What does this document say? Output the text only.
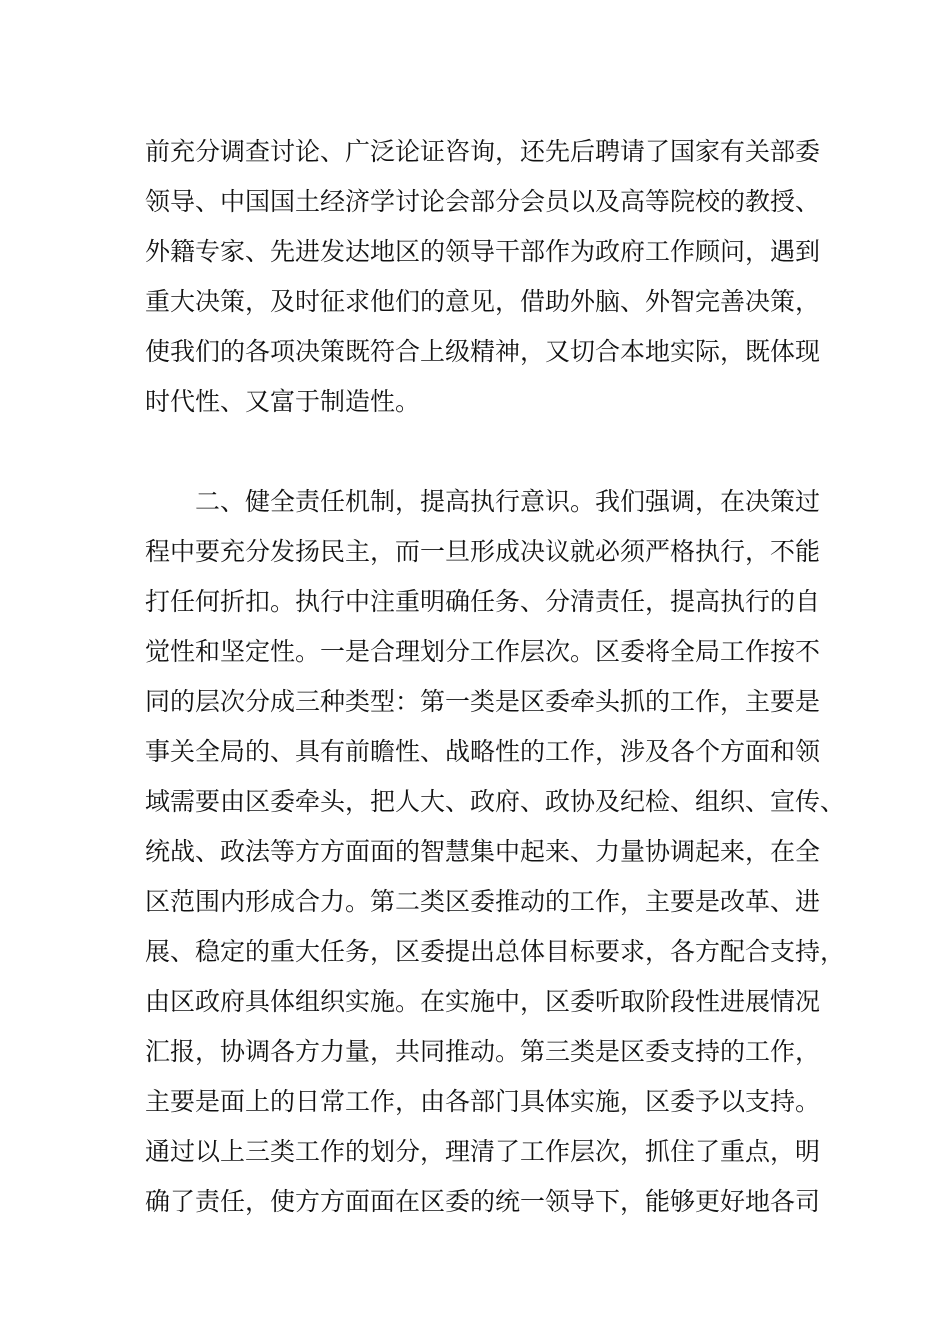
前充分调查讨论、广泛论证咨询，还先后聘请了国家有关部委
领导、中国国土经济学讨论会部分会员以及高等院校的教授、
外籍专家、先进发达地区的领导干部作为政府工作顾问，遇到
重大决策，及时征求他们的意见，借助外脑、外智完善决策，
使我们的各项决策既符合上级精神，又切合本地实际，既体现
时代性、又富于制造性。
二、健全责任机制，提高执行意识。我们强调，在决策过
程中要充分发扬民主，而一旦形成决议就必须严格执行，不能
打任何折扣。执行中注重明确任务、分清责任，提高执行的自
觉性和坚定性。一是合理划分工作层次。区委将全局工作按不
同的层次分成三种类型：第一类是区委牵头抓的工作，主要是
事关全局的、具有前瞻性、战略性的工作，涉及各个方面和领
域需要由区委牵头，把人大、政府、政协及纪检、组织、宣传、
统战、政法等方方面面的智慧集中起来、力量协调起来，在全
区范围内形成合力。第二类区委推动的工作，主要是改革、进
展、稳定的重大任务，区委提出总体目标要求，各方配合支持，
由区政府具体组织实施。在实施中，区委听取阶段性进展情况
汇报，协调各方力量，共同推动。第三类是区委支持的工作，
主要是面上的日常工作，由各部门具体实施，区委予以支持。
通过以上三类工作的划分，理清了工作层次，抓住了重点，明
确了责任，使方方面面在区委的统一领导下，能够更好地各司
